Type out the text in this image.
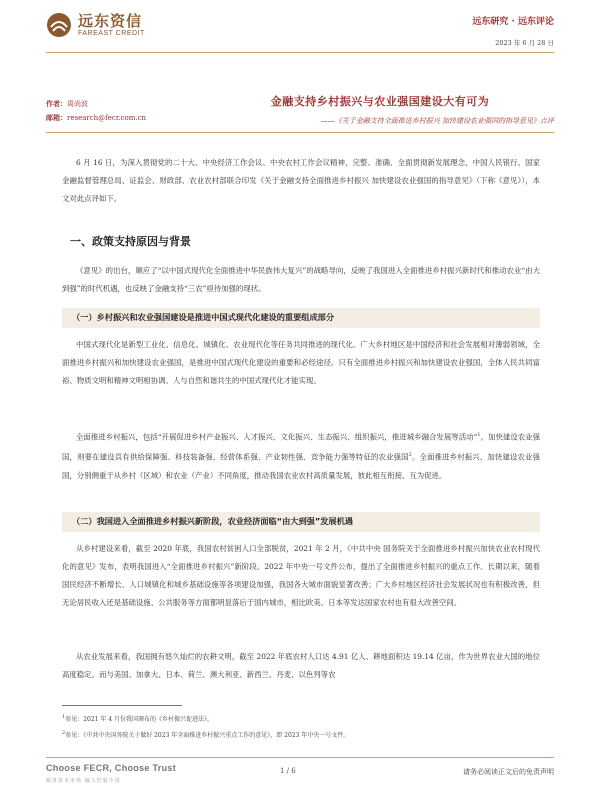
远东资信
FAREAST CREDIT
远东研究 · 远东评论
2023 年 6 月 28 日
作者：周尚波
邮箱：research@fecr.com.cn
金融支持乡村振兴与农业强国建设大有可为
——《关于金融支持全面推进乡村振兴 加快建设农业强国的指导意见》点评
6 月 16 日，为深入贯彻党的二十大、中央经济工作会议、中央农村工作会议精神，完整、准确、全面贯彻新发展理念，中国人民银行、国家金融监督管理总局、证监会、财政部、农业农村部联合印发《关于金融支持全面推进乡村振兴 加快建设农业强国的指导意见》（下称《意见》），本文对此点评如下。
一、政策支持原因与背景
《意见》的出台，顺应了“以中国式现代化全面推进中华民族伟大复兴”的战略导向，反映了我国进入全面推进乡村振兴新时代和推动农业“由大到强”的时代机遇，也反映了金融支持“三农”亟待加强的现状。
（一）乡村振兴和农业强国建设是推进中国式现代化建设的重要组成部分
中国式现代化是新型工业化、信息化、城镇化、农业现代化等任务共同推进的现代化。广大乡村地区是中国经济和社会发展相对薄弱领域，全面推进乡村振兴和加快建设农业强国，是推进中国式现代化建设的重要和必经途径。只有全面推进乡村振兴和加快建设农业强国，全体人民共同富裕、物质文明和精神文明相协调、人与自然和谐共生的中国式现代化才能实现。
全面推进乡村振兴，包括“开展促进乡村产业振兴、人才振兴、文化振兴、生态振兴、组织振兴，推进城乡融合发展等活动”$^1$。加快建设农业强国，则要在建设具有供给保障强、科技装备强、经营体系强、产业韧性强、竞争能力强等特征的农业强国$^2$。全面推进乡村振兴、加快建设农业强国，分别侧重于从乡村（区域）和农业（产业）不同角度，推动我国农业农村高质量发展，彼此相互衔接、互为促进。
（二）我国进入全面推进乡村振兴新阶段，农业经济面临“由大到强”发展机遇
从乡村建设来看，截至 2020 年底，我国农村贫困人口全部脱贫，2021 年 2 月，《中共中央 国务院关于全面推进乡村振兴加快农业农村现代化的意见》发布，表明我国进入“全面推进乡村振兴”新阶段。2022 年中央一号文件公布，提出了全面推进乡村振兴的重点工作。长期以来，随着国民经济不断增长、人口城镇化和城乡基础设施等各项建设加强，我国各大城市面貌显著改善；广大乡村地区经济社会发展状况也有积极改善，但无论居民收入还是基础设施、公共服务等方面都明显落后于国内城市，相比欧美、日本等发达国家农村也有很大改善空间。
从农业发展来看，我国拥有悠久灿烂的农耕文明，截至 2022 年底农村人口达 4.91 亿人、耕地面积达 19.14 亿亩，作为世界农业大国的地位高度稳定。而与美国、加拿大、日本、荷兰、澳大利亚、新西兰、丹麦、以色列等农
$^1$参见：2021 年 4 月份我国颁布的《乡村振兴促进法》。
$^2$参见：《中共中央国务院关于做好 2023 年全面推进乡村振兴重点工作的意见》，即 2023 年中央一号文件。
Choose FECR, Choose Trust
服务资本市场 融入控股中国
1 / 6	请务必阅读正文后的免责声明
